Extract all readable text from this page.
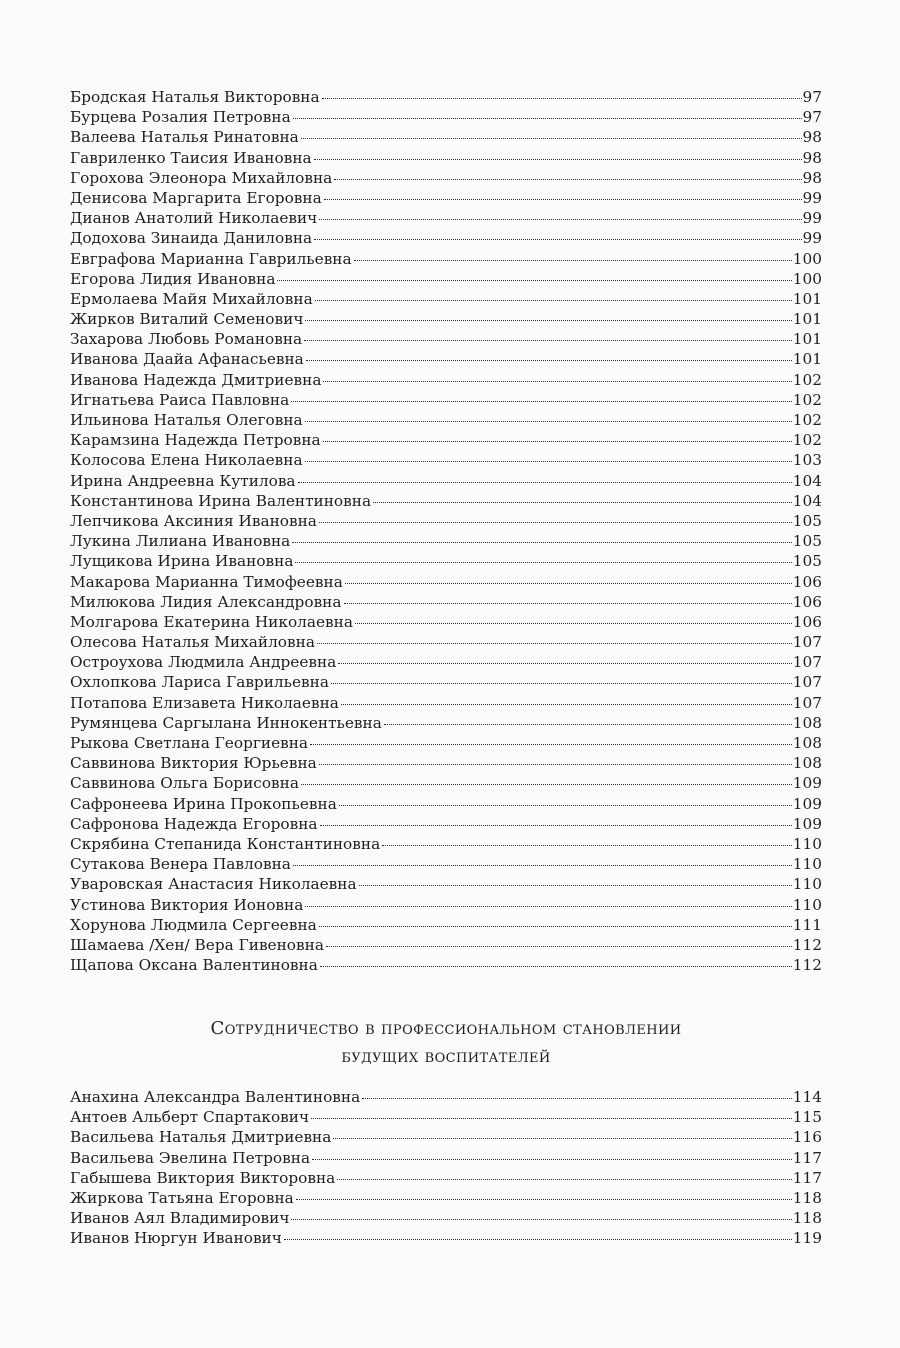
Бродская Наталья Викторовна	97
Бурцева Розалия Петровна	97
Валеева Наталья Ринатовна	98
Гавриленко Таисия Ивановна	98
Горохова Элеонора Михайловна	98
Денисова Маргарита Егоровна	99
Дианов Анатолий Николаевич	99
Додохова Зинаида Даниловна	99
Евграфова Марианна Гаврильевна	100
Егорова Лидия Ивановна	100
Ермолаева Майя Михайловна	101
Жирков Виталий Семенович	101
Захарова Любовь Романовна	101
Иванова Даайа Афанасьевна	101
Иванова Надежда Дмитриевна	102
Игнатьева Раиса Павловна	102
Ильинова Наталья Олеговна	102
Карамзина Надежда Петровна	102
Колосова Елена Николаевна	103
Ирина Андреевна Кутилова	104
Константинова Ирина Валентиновна	104
Лепчикова Аксиния Ивановна	105
Лукина Лилиана Ивановна	105
Лущикова Ирина Ивановна	105
Макарова Марианна Тимофеевна	106
Милюкова Лидия Александровна	106
Молгарова Екатерина Николаевна	106
Олесова Наталья Михайловна	107
Остроухова Людмила Андреевна	107
Охлопкова Лариса Гаврильевна	107
Потапова Елизавета Николаевна	107
Румянцева Саргылана Иннокентьевна	108
Рыкова Светлана Георгиевна	108
Саввинова Виктория Юрьевна	108
Саввинова Ольга Борисовна	109
Сафронеева Ирина Прокопьевна	109
Сафронова Надежда Егоровна	109
Скрябина Степанида Константиновна	110
Сутакова Венера Павловна	110
Уваровская Анастасия Николаевна	110
Устинова Виктория Ионовна	110
Хорунова Людмила Сергеевна	111
Шамаева /Хен/ Вера Гивеновна	112
Щапова Оксана Валентиновна	112
Сотрудничество в профессиональном становлении
будущих воспитателей
Анахина Александра Валентиновна	114
Антоев Альберт Спартакович	115
Васильева Наталья Дмитриевна	116
Васильева Эвелина Петровна	117
Габышева Виктория Викторовна	117
Жиркова Татьяна Егоровна	118
Иванов Аял Владимирович	118
Иванов Нюргун Иванович	119
